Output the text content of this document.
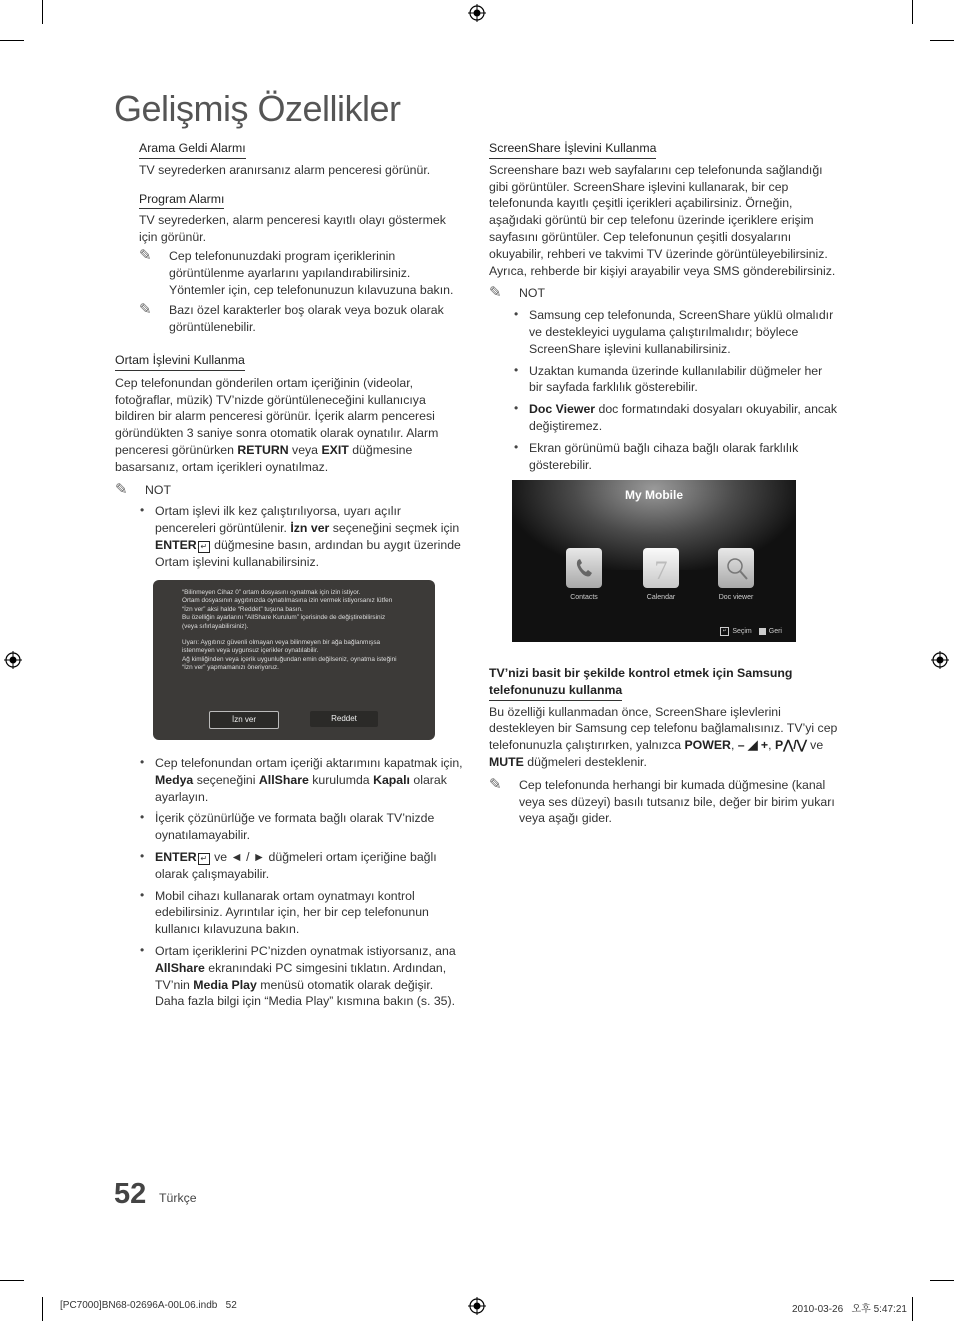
Gelişmiş Özellikler
Arama Geldi Alarmı

TV seyrederken aranırsanız alarm penceresi görünür.

Program Alarmı

TV seyrederken, alarm penceresi kayıtlı olayı göstermek için görünür.

✎	Cep telefonunuzdaki program içeriklerinin görüntülenme ayarlarını yapılandırabilirsiniz. Yöntemler için, cep telefonunuzun kılavuzuna bakın.
✎	Bazı özel karakterler boş olarak veya bozuk olarak görüntülenebilir.
Ortam İşlevini Kullanma

Cep telefonundan gönderilen ortam içeriğinin (videolar, fotoğraflar, müzik) TV’nizde görüntüleneceğini kullanıcıya bildiren bir alarm penceresi görünür. İçerik alarm penceresi göründükten 3 saniye sonra otomatik olarak oynatılır. Alarm penceresi görünürken RETURN veya EXIT düğmesine basarsanız, ortam içerikleri oynatılmaz.

✎	NOT
• Ortam işlevi ilk kez çalıştırılıyorsa, uyarı açılır pencereleri görüntülenir. İzn ver seçeneğini seçmek için ENTER ↵ düğmesine basın, ardından bu aygıt üzerinde Ortam işlevini kullanabilirsiniz.
“Bilinmeyen Cihaz 0” ortam dosyasını oynatmak için izin istiyor.
Ortam dosyasının aygıtınızda oynatılmasına izin vermek istiyorsanız lütfen
“İzn ver” aksi halde “Reddet” tuşuna basın.
Bu özelliğin ayarlarını “AllShare Kurulum” içerisinde de değiştirebilirsiniz
(veya sıfırlayabilirsiniz).
Uyarı: Aygıtınız güvenli olmayan veya bilinmeyen bir ağa bağlanmışsa
istenmeyen veya uygunsuz içerikler oynatılabilir.
Ağ kimliğinden veya içerik uygunluğundan emin değilseniz, oynatma isteğini
“İzn ver” yapmamanızı öneriyoruz.
İzn ver	Reddet
• Cep telefonundan ortam içeriği aktarımını kapatmak için, Medya seçeneğini AllShare kurulumda Kapalı olarak ayarlayın.
• İçerik çözünürlüğe ve formata bağlı olarak TV’nizde oynatılamayabilir.
• ENTER ↵ ve ◄ / ► düğmeleri ortam içeriğine bağlı olarak çalışmayabilir.
• Mobil cihazı kullanarak ortam oynatmayı kontrol edebilirsiniz. Ayrıntılar için, her bir cep telefonunun kullanıcı kılavuzuna bakın.
• Ortam içeriklerini PC’nizden oynatmak istiyorsanız, ana AllShare ekranındaki PC simgesini tıklatın. Ardından, TV’nin Media Play menüsü otomatik olarak değişir. Daha fazla bilgi için “Media Play” kısmına bakın (s. 35).
ScreenShare İşlevini Kullanma

Screenshare bazı web sayfalarını cep telefonunda sağlandığı gibi görüntüler. ScreenShare işlevini kullanarak, bir cep telefonunda kayıtlı çeşitli içerikleri açabilirsiniz. Örneğin, aşağıdaki görüntü bir cep telefonu üzerinde içeriklere erişim sayfasını görüntüler. Cep telefonunun çeşitli dosyalarını okuyabilir, rehberi ve takvimi TV üzerinde görüntüleyebilirsiniz. Ayrıca, rehberde bir kişiyi arayabilir veya SMS gönderebilirsiniz.

✎	NOT
• Samsung cep telefonunda, ScreenShare yüklü olmalıdır ve destekleyici uygulama çalıştırılmalıdır; böylece ScreenShare işlevini kullanabilirsiniz.
• Uzaktan kumanda üzerinde kullanılabilir düğmeler her bir sayfada farklılık gösterebilir.
• Doc Viewer doc formatındaki dosyaları okuyabilir, ancak değiştiremez.
• Ekran görünümü bağlı cihaza bağlı olarak farklılık gösterebilir.
My Mobile
7
Contacts	Calendar	Doc viewer
↵ Seçim Geri
TV’nizi basit bir şekilde kontrol etmek için Samsung
telefonunuzu kullanma

Bu özelliği kullanmadan önce, ScreenShare işlevlerini destekleyen bir Samsung cep telefonu bağlamalısınız. TV’yi cep telefonunuzla çalıştırırken, yalnızca POWER, – ◢ +, P⋀/⋁ ve MUTE düğmeleri desteklenir.

✎	Cep telefonunda herhangi bir kumada düğmesine (kanal veya ses düzeyi) basılı tutsanız bile, değer bir birim yukarı veya aşağı gider.
52 Türkçe
[PC7000]BN68-02696A-00L06.indb   52	2010-03-26   오후 5:47:21
